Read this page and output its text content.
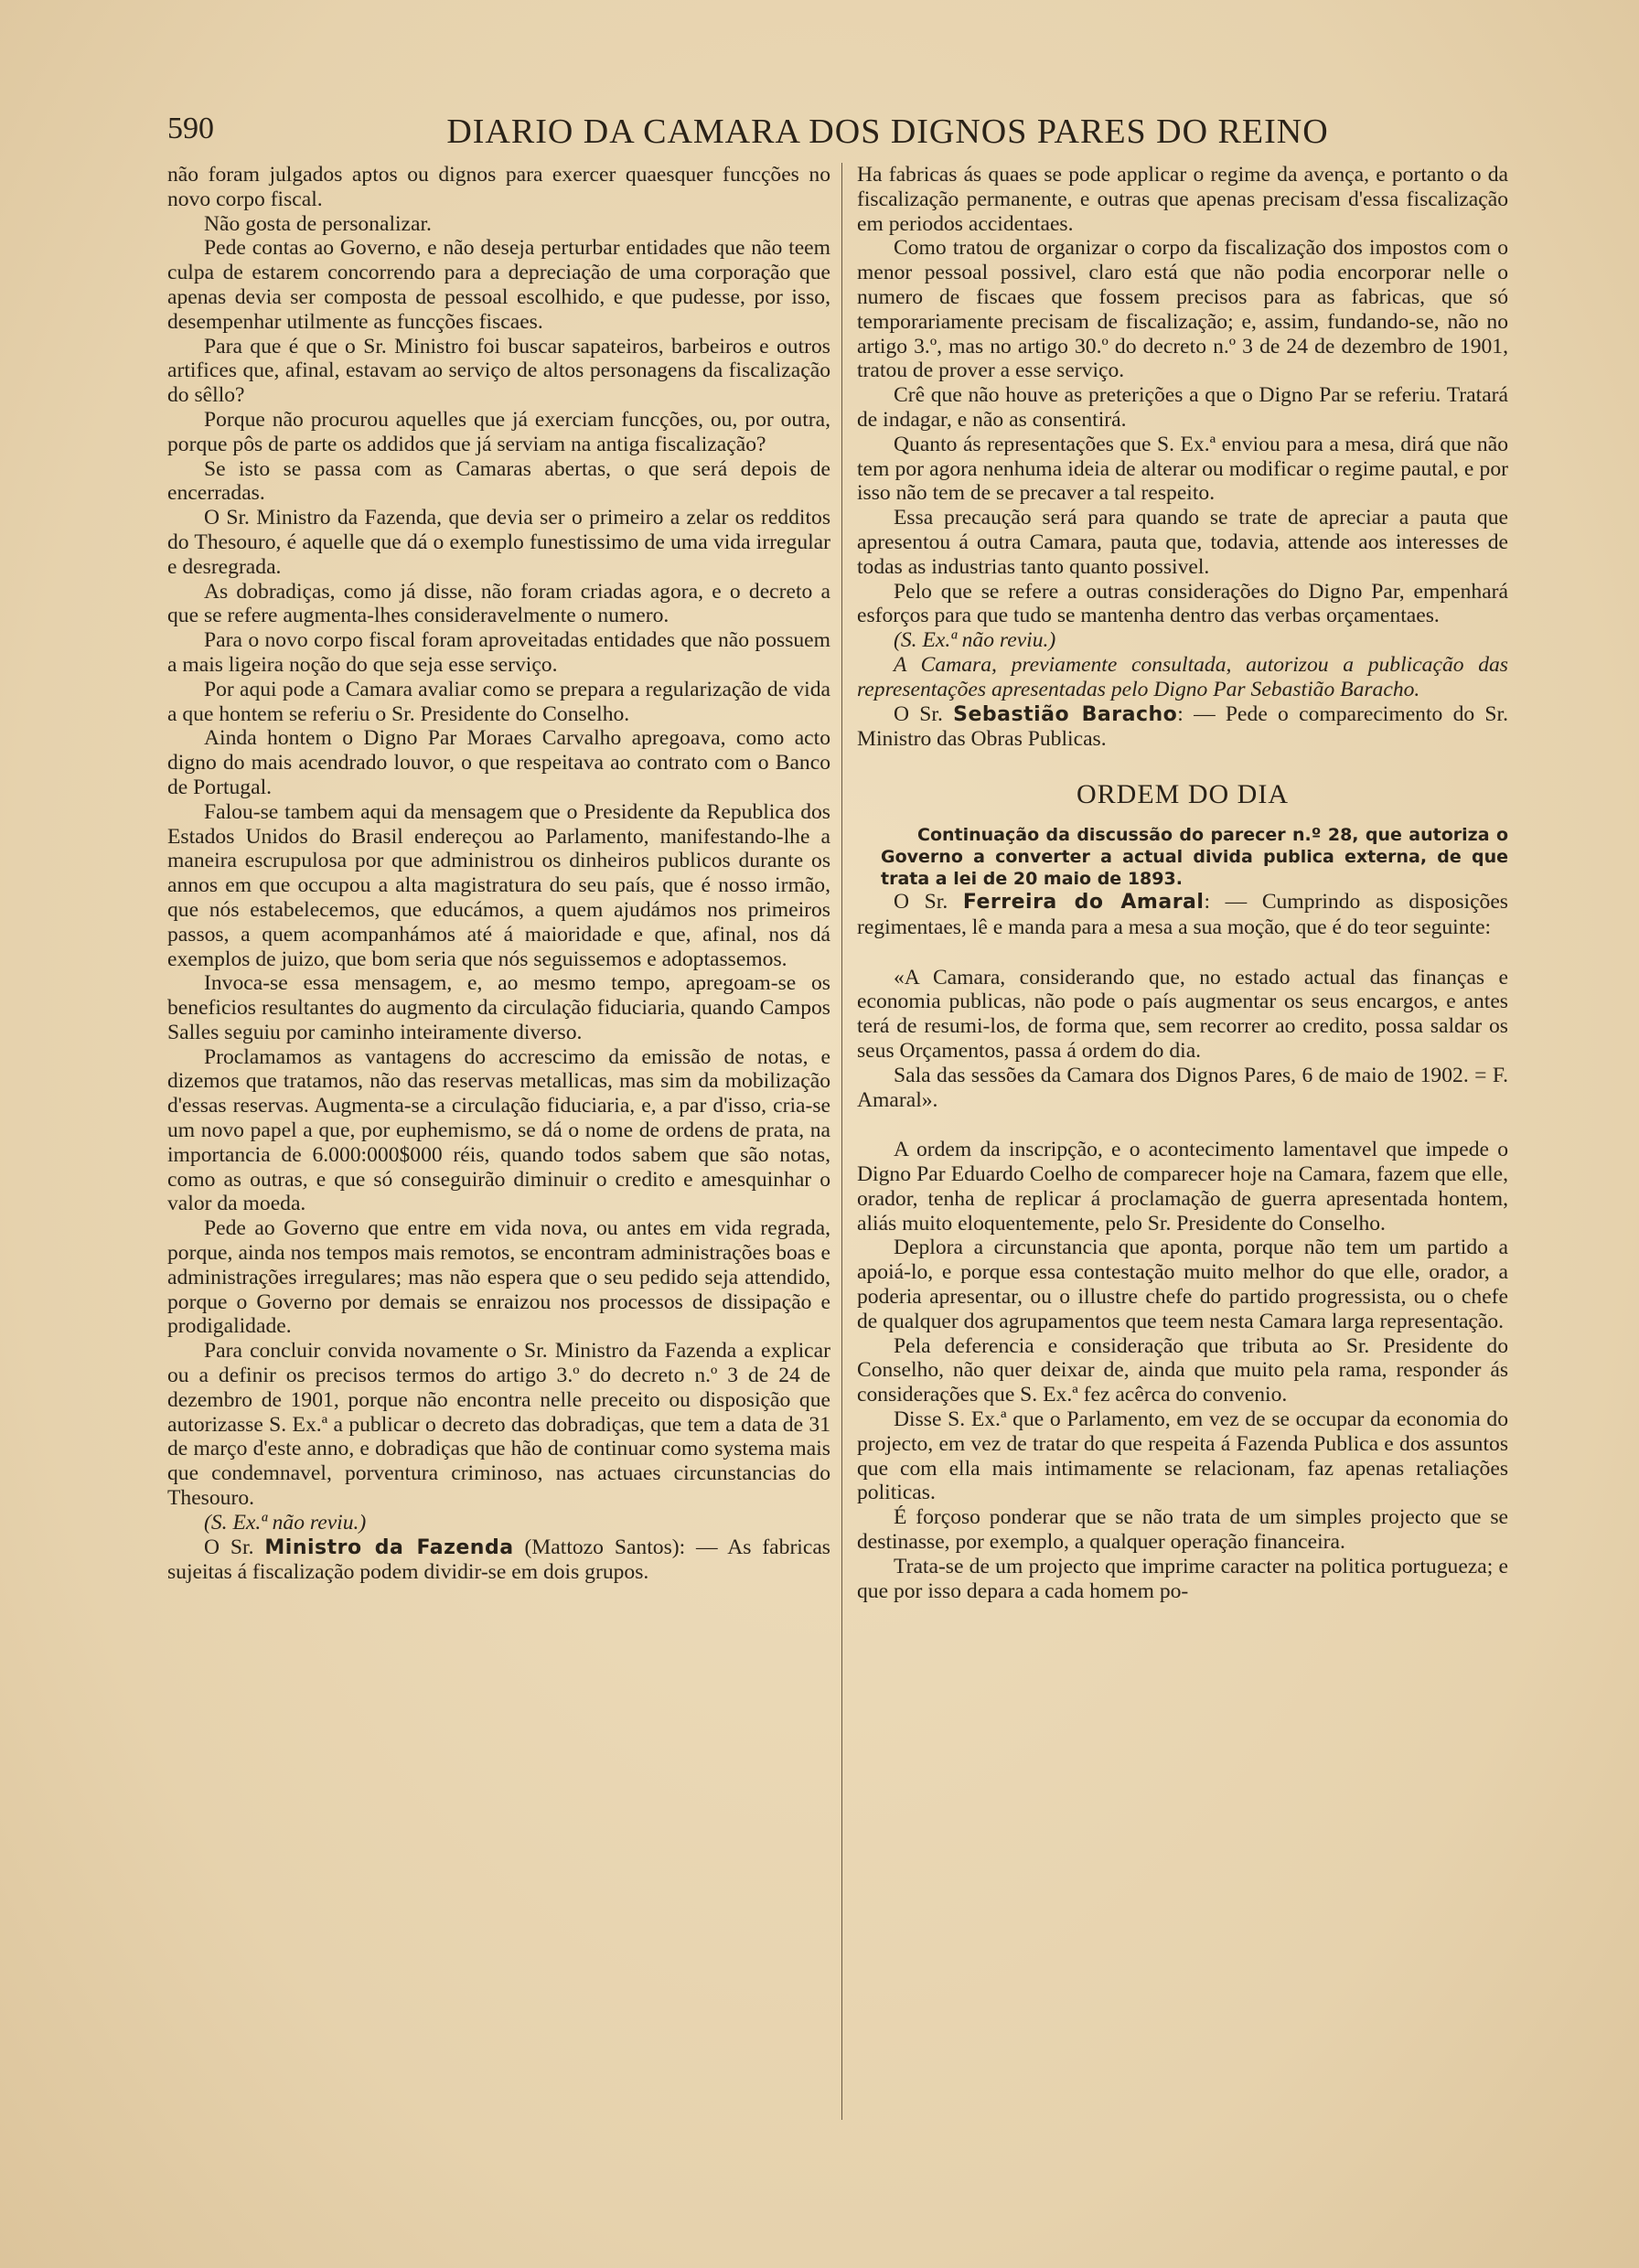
590	DIARIO DA CAMARA DOS DIGNOS PARES DO REINO

não foram julgados aptos ou dignos para exercer quaesquer funcções no novo corpo fiscal.

Não gosta de personalizar.

Pede contas ao Governo, e não deseja perturbar entidades que não teem culpa de estarem concorrendo para a depreciação de uma corporação que apenas devia ser composta de pessoal escolhido, e que pudesse, por isso, desempenhar utilmente as funcções fiscaes.

Para que é que o Sr. Ministro foi buscar sapateiros, barbeiros e outros artifices que, afinal, estavam ao serviço de altos personagens da fiscalização do sêllo?

Porque não procurou aquelles que já exerciam funcções, ou, por outra, porque pôs de parte os addidos que já serviam na antiga fiscalização?

Se isto se passa com as Camaras abertas, o que será depois de encerradas.

O Sr. Ministro da Fazenda, que devia ser o primeiro a zelar os redditos do Thesouro, é aquelle que dá o exemplo funestissimo de uma vida irregular e desregrada.

As dobradiças, como já disse, não foram criadas agora, e o decreto a que se refere augmenta-lhes consideravelmente o numero.

Para o novo corpo fiscal foram aproveitadas entidades que não possuem a mais ligeira noção do que seja esse serviço.

Por aqui pode a Camara avaliar como se prepara a regularização de vida a que hontem se referiu o Sr. Presidente do Conselho.

Ainda hontem o Digno Par Moraes Carvalho apregoava, como acto digno do mais acendrado louvor, o que respeitava ao contrato com o Banco de Portugal.

Falou-se tambem aqui da mensagem que o Presidente da Republica dos Estados Unidos do Brasil endereçou ao Parlamento, manifestando-lhe a maneira escrupulosa por que administrou os dinheiros publicos durante os annos em que occupou a alta magistratura do seu país, que é nosso irmão, que nós estabelecemos, que educámos, a quem ajudámos nos primeiros passos, a quem acompanhámos até á maioridade e que, afinal, nos dá exemplos de juizo, que bom seria que nós seguissemos e adoptassemos.

Invoca-se essa mensagem, e, ao mesmo tempo, apregoam-se os beneficios resultantes do augmento da circulação fiduciaria, quando Campos Salles seguiu por caminho inteiramente diverso.

Proclamamos as vantagens do accrescimo da emissão de notas, e dizemos que tratamos, não das reservas metallicas, mas sim da mobilização d'essas reservas. Augmenta-se a circulação fiduciaria, e, a par d'isso, cria-se um novo papel a que, por euphemismo, se dá o nome de ordens de prata, na importancia de 6.000:000$000 réis, quando todos sabem que são notas, como as outras, e que só conseguirão diminuir o credito e amesquinhar o valor da moeda.

Pede ao Governo que entre em vida nova, ou antes em vida regrada, porque, ainda nos tempos mais remotos, se encontram administrações boas e administrações irregulares; mas não espera que o seu pedido seja attendido, porque o Governo por demais se enraizou nos processos de dissipação e prodigalidade.

Para concluir convida novamente o Sr. Ministro da Fazenda a explicar ou a definir os precisos termos do artigo 3.º do decreto n.º 3 de 24 de dezembro de 1901, porque não encontra nelle preceito ou disposição que autorizasse S. Ex.ª a publicar o decreto das dobradiças, que tem a data de 31 de março d'este anno, e dobradiças que hão de continuar como systema mais que condemnavel, porventura criminoso, nas actuaes circunstancias do Thesouro.

(S. Ex.ª não reviu.)

O Sr. Ministro da Fazenda (Mattozo Santos): — As fabricas sujeitas á fiscalização podem dividir-se em dois grupos.

Ha fabricas ás quaes se pode applicar o regime da avença, e portanto o da fiscalização permanente, e outras que apenas precisam d'essa fiscalização em periodos accidentaes.

Como tratou de organizar o corpo da fiscalização dos impostos com o menor pessoal possivel, claro está que não podia encorporar nelle o numero de fiscaes que fossem precisos para as fabricas, que só temporariamente precisam de fiscalização; e, assim, fundando-se, não no artigo 3.º, mas no artigo 30.º do decreto n.º 3 de 24 de dezembro de 1901, tratou de prover a esse serviço.

Crê que não houve as preterições a que o Digno Par se referiu. Tratará de indagar, e não as consentirá.

Quanto ás representações que S. Ex.ª enviou para a mesa, dirá que não tem por agora nenhuma ideia de alterar ou modificar o regime pautal, e por isso não tem de se precaver a tal respeito.

Essa precaução será para quando se trate de apreciar a pauta que apresentou á outra Camara, pauta que, todavia, attende aos interesses de todas as industrias tanto quanto possivel.

Pelo que se refere a outras considerações do Digno Par, empenhará esforços para que tudo se mantenha dentro das verbas orçamentaes.

(S. Ex.ª não reviu.)

A Camara, previamente consultada, autorizou a publicação das representações apresentadas pelo Digno Par Sebastião Baracho.

O Sr. Sebastião Baracho: — Pede o comparecimento do Sr. Ministro das Obras Publicas.

ORDEM DO DIA

Continuação da discussão do parecer n.º 28, que autoriza o Governo a converter a actual divida publica externa, de que trata a lei de 20 maio de 1893.

O Sr. Ferreira do Amaral: — Cumprindo as disposições regimentaes, lê e manda para a mesa a sua moção, que é do teor seguinte:

«A Camara, considerando que, no estado actual das finanças e economia publicas, não pode o país augmentar os seus encargos, e antes terá de resumi-los, de forma que, sem recorrer ao credito, possa saldar os seus Orçamentos, passa á ordem do dia.

Sala das sessões da Camara dos Dignos Pares, 6 de maio de 1902. = F. Amaral».

A ordem da inscripção, e o acontecimento lamentavel que impede o Digno Par Eduardo Coelho de comparecer hoje na Camara, fazem que elle, orador, tenha de replicar á proclamação de guerra apresentada hontem, aliás muito eloquentemente, pelo Sr. Presidente do Conselho.

Deplora a circunstancia que aponta, porque não tem um partido a apoiá-lo, e porque essa contestação muito melhor do que elle, orador, a poderia apresentar, ou o illustre chefe do partido progressista, ou o chefe de qualquer dos agrupamentos que teem nesta Camara larga representação.

Pela deferencia e consideração que tributa ao Sr. Presidente do Conselho, não quer deixar de, ainda que muito pela rama, responder ás considerações que S. Ex.ª fez acêrca do convenio.

Disse S. Ex.ª que o Parlamento, em vez de se occupar da economia do projecto, em vez de tratar do que respeita á Fazenda Publica e dos assuntos que com ella mais intimamente se relacionam, faz apenas retaliações politicas.

É forçoso ponderar que se não trata de um simples projecto que se destinasse, por exemplo, a qualquer operação financeira.

Trata-se de um projecto que imprime caracter na politica portugueza; e que por isso depara a cada homem po-
